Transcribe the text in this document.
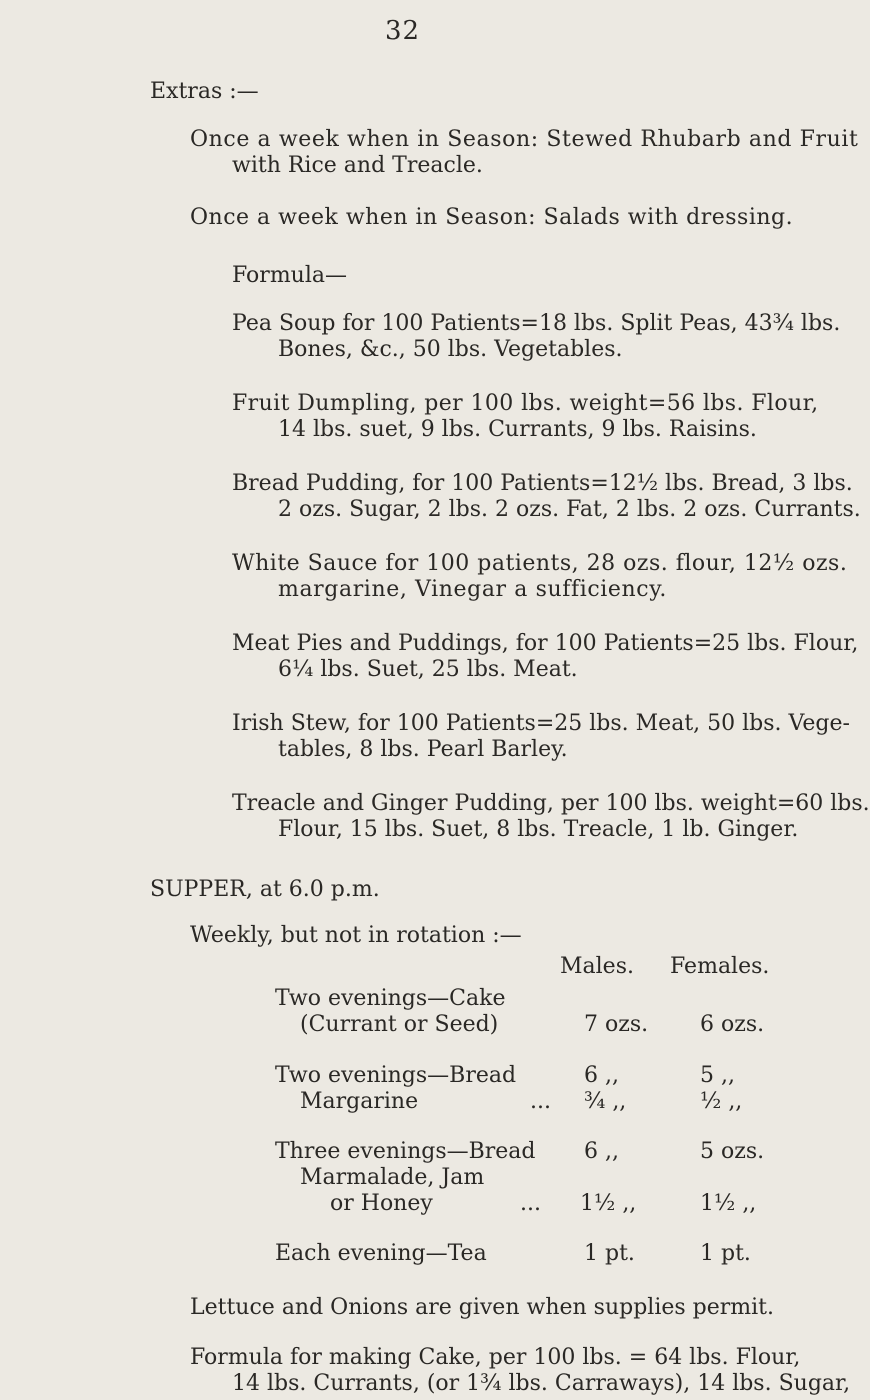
32
Extras :—
Once a week when in Season: Stewed Rhubarb and Fruit
with Rice and Treacle.
Once a week when in Season: Salads with dressing.
Formula—
Pea Soup for 100 Patients=18 lbs. Split Peas, 43¾ lbs.
Bones, &c., 50 lbs. Vegetables.
Fruit Dumpling, per 100 lbs. weight=56 lbs. Flour,
14 lbs. suet, 9 lbs. Currants, 9 lbs. Raisins.
Bread Pudding, for 100 Patients=12½ lbs. Bread, 3 lbs.
2 ozs. Sugar, 2 lbs. 2 ozs. Fat, 2 lbs. 2 ozs. Currants.
White Sauce for 100 patients, 28 ozs. flour, 12½ ozs.
margarine, Vinegar a sufficiency.
Meat Pies and Puddings, for 100 Patients=25 lbs. Flour,
6¼ lbs. Suet, 25 lbs. Meat.
Irish Stew, for 100 Patients=25 lbs. Meat, 50 lbs. Vege-
tables, 8 lbs. Pearl Barley.
Treacle and Ginger Pudding, per 100 lbs. weight=60 lbs.
Flour, 15 lbs. Suet, 8 lbs. Treacle, 1 lb. Ginger.
SUPPER, at 6.0 p.m.
Weekly, but not in rotation :—
Males. Females.
Two evenings—Cake
(Currant or Seed)	7 ozs. 6 ozs.
Two evenings—Bread	6 ,,	5 ,,
Margarine	... ¾ ,,	½ ,,
Three evenings—Bread 6 ,,	5 ozs.
Marmalade, Jam
or Honey	... 1½ ,,	1½ ,,
Each evening—Tea	1 pt.	1 pt.
Lettuce and Onions are given when supplies permit.
Formula for making Cake, per 100 lbs. = 64 lbs. Flour,
14 lbs. Currants, (or 1¾ lbs. Carraways), 14 lbs. Sugar,
